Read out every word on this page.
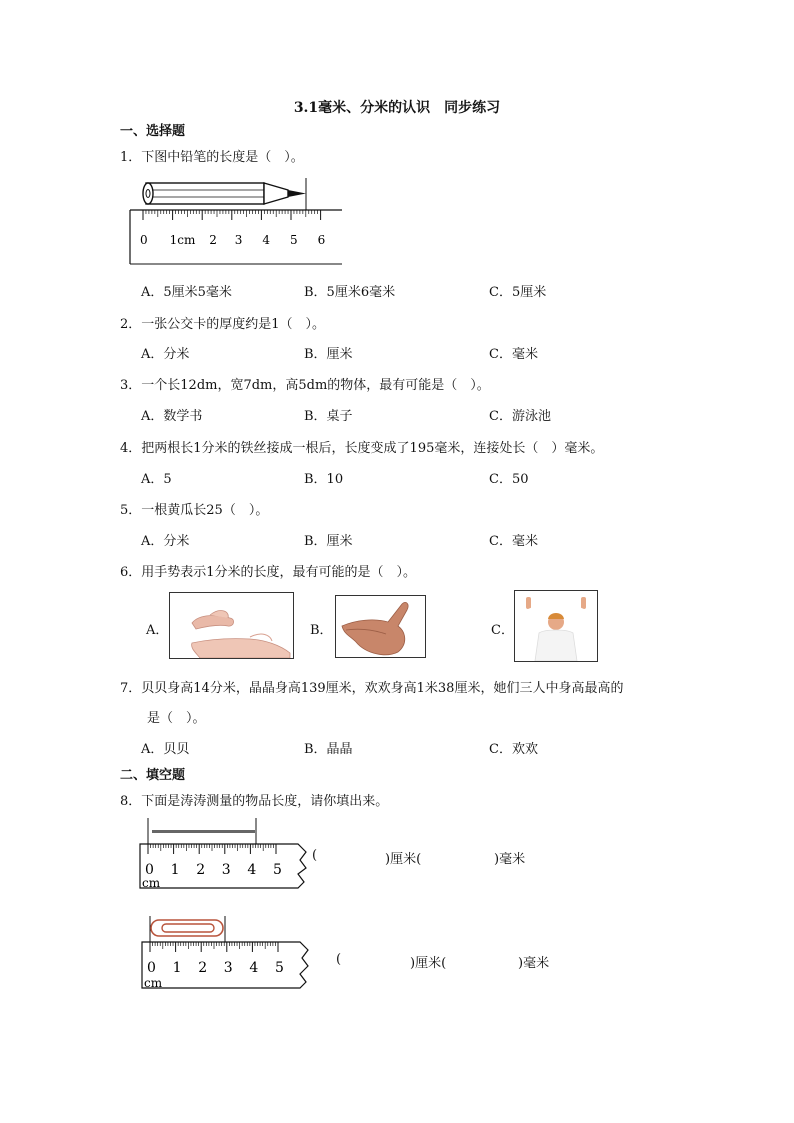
3.1毫米、分米的认识　同步练习
一、选择题
1．下图中铅笔的长度是（　）。
0 1cm 2 3 4 5 6
A．5厘米5毫米	B．5厘米6毫米	C．5厘米
2．一张公交卡的厚度约是1（　）。
A．分米	B．厘米	C．毫米
3．一个长12dm，宽7dm，高5dm的物体，最有可能是（　）。
A．数学书	B．桌子	C．游泳池
4．把两根长1分米的铁丝接成一根后，长度变成了195毫米，连接处长（　）毫米。
A．5	B．10	C．50
5．一根黄瓜长25（　）。
A．分米	B．厘米	C．毫米
6．用手势表示1分米的长度，最有可能的是（　）。
A．	B．	C．
7．贝贝身高14分米，晶晶身高139厘米，欢欢身高1米38厘米，她们三人中身高最高的
是（　）。
A．贝贝	B．晶晶	C．欢欢
二、填空题
8．下面是涛涛测量的物品长度，请你填出来。
0 1 2 3 4 5
cm
(	)厘米(	)毫米
0 1 2 3 4 5
cm
(	)厘米(	)毫米
